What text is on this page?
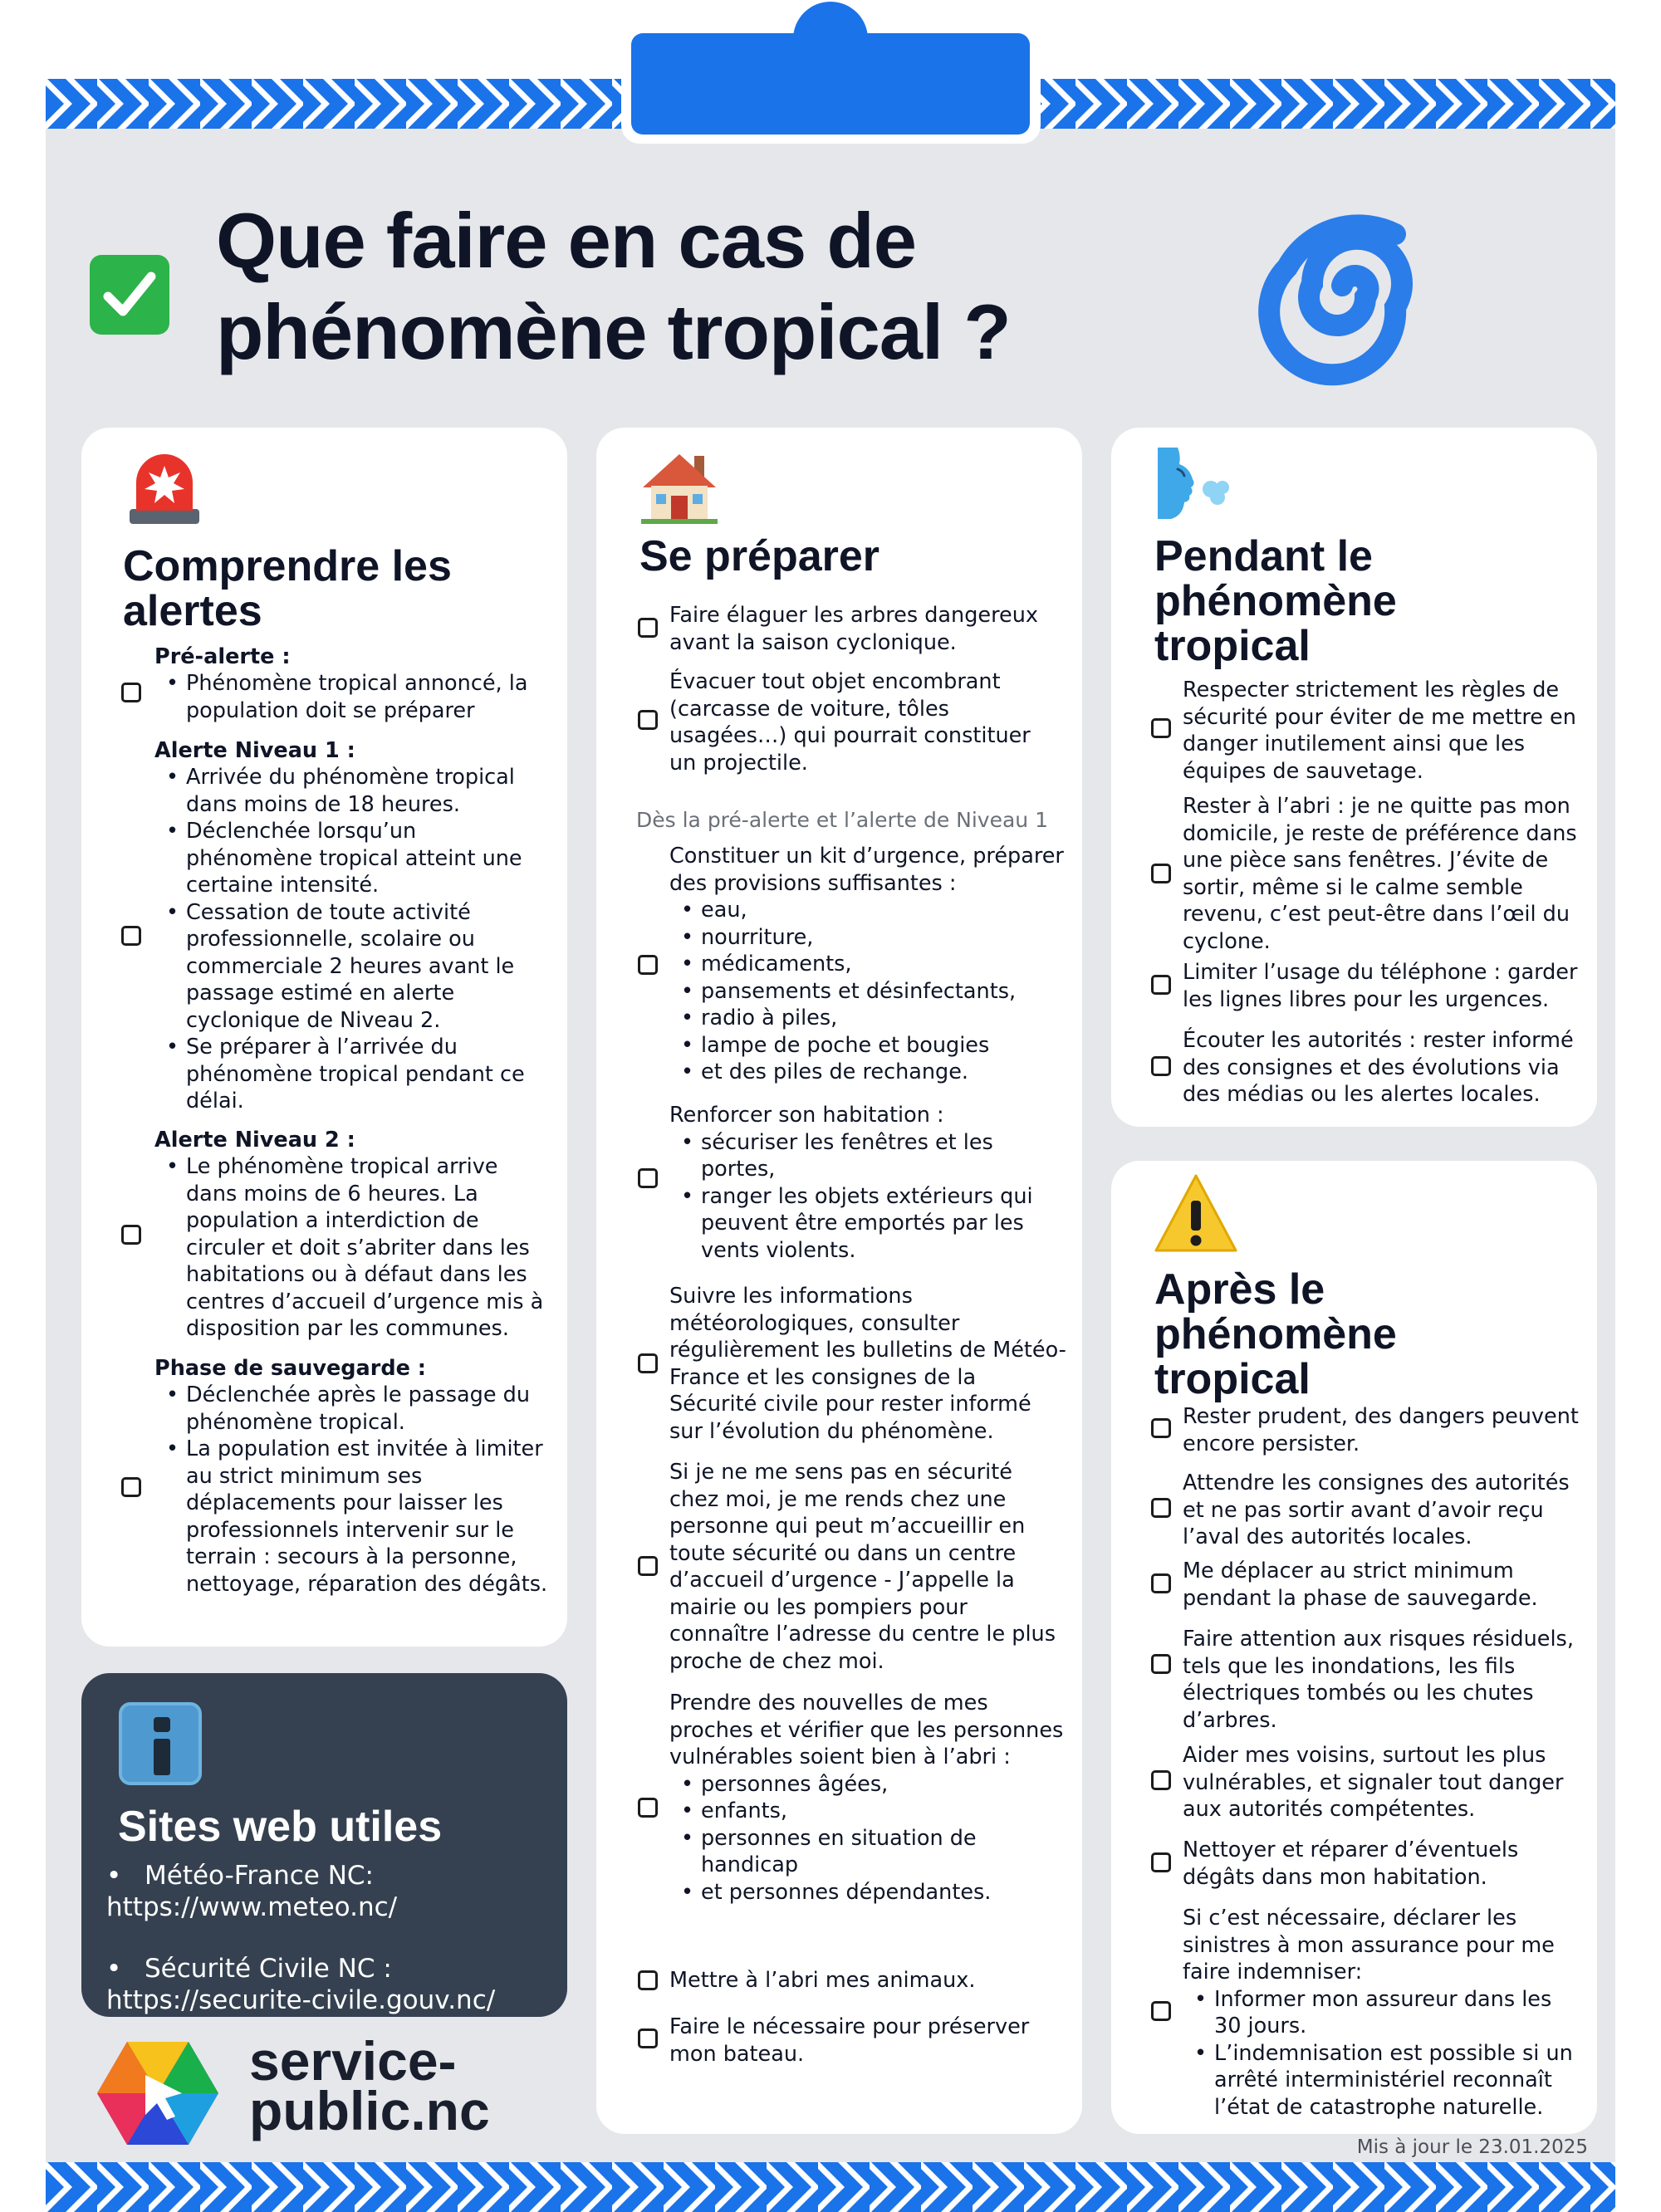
Que faire en cas de
phénomène tropical ?
Comprendre les alertes
Pré-alerte :
• Phénomène tropical annoncé, la population doit se préparer
Alerte Niveau 1 :
• Arrivée du phénomène tropical dans moins de 18 heures.
• Déclenchée lorsqu’un phénomène tropical atteint une certaine intensité.
• Cessation de toute activité professionnelle, scolaire ou commerciale 2 heures avant le passage estimé en alerte cyclonique de Niveau 2.
• Se préparer à l’arrivée du phénomène tropical pendant ce délai.
Alerte Niveau 2 :
• Le phénomène tropical arrive dans moins de 6 heures. La population a interdiction de circuler et doit s’abriter dans les habitations ou à défaut dans les centres d’accueil d’urgence mis à disposition par les communes.
Phase de sauvegarde :
• Déclenchée après le passage du phénomène tropical.
• La population est invitée à limiter au strict minimum ses déplacements pour laisser les professionnels intervenir sur le terrain : secours à la personne, nettoyage, réparation des dégâts.
Se préparer
Faire élaguer les arbres dangereux avant la saison cyclonique.
Évacuer tout objet encombrant (carcasse de voiture, tôles usagées…) qui pourrait constituer un projectile.
Dès la pré-alerte et l’alerte de Niveau 1
Constituer un kit d’urgence, préparer des provisions suffisantes :
• eau,
• nourriture,
• médicaments,
• pansements et désinfectants,
• radio à piles,
• lampe de poche et bougies
• et des piles de rechange.
Renforcer son habitation :
• sécuriser les fenêtres et les portes,
• ranger les objets extérieurs qui peuvent être emportés par les vents violents.
Suivre les informations météorologiques, consulter régulièrement les bulletins de Météo-France et les consignes de la Sécurité civile pour rester informé sur l’évolution du phénomène.
Si je ne me sens pas en sécurité chez moi, je me rends chez une personne qui peut m’accueillir en toute sécurité ou dans un centre d’accueil d’urgence - J’appelle la mairie ou les pompiers pour connaître l’adresse du centre le plus proche de chez moi.
Prendre des nouvelles de mes proches et vérifier que les personnes vulnérables soient bien à l’abri :
• personnes âgées,
• enfants,
• personnes en situation de handicap
• et personnes dépendantes.
Mettre à l’abri mes animaux.
Faire le nécessaire pour préserver mon bateau.
Pendant le phénomène tropical
Respecter strictement les règles de sécurité pour éviter de me mettre en danger inutilement ainsi que les équipes de sauvetage.
Rester à l’abri : je ne quitte pas mon domicile, je reste de préférence dans une pièce sans fenêtres. J’évite de sortir, même si le calme semble revenu, c’est peut-être dans l’œil du cyclone.
Limiter l’usage du téléphone : garder les lignes libres pour les urgences.
Écouter les autorités : rester informé des consignes et des évolutions via des médias ou les alertes locales.
Après le phénomène tropical
Rester prudent, des dangers peuvent encore persister.
Attendre les consignes des autorités et ne pas sortir avant d’avoir reçu l’aval des autorités locales.
Me déplacer au strict minimum pendant la phase de sauvegarde.
Faire attention aux risques résiduels, tels que les inondations, les fils électriques tombés ou les chutes d’arbres.
Aider mes voisins, surtout les plus vulnérables, et signaler tout danger aux autorités compétentes.
Nettoyer et réparer d’éventuels dégâts dans mon habitation.
Si c’est nécessaire, déclarer les sinistres à mon assurance pour me faire indemniser:
• Informer mon assureur dans les 30 jours.
• L’indemnisation est possible si un arrêté interministériel reconnaît l’état de catastrophe naturelle.
Sites web utiles
• Météo-France NC:
https://www.meteo.nc/
• Sécurité Civile NC :
https://securite-civile.gouv.nc/
service-
public.nc
Mis à jour le 23.01.2025
